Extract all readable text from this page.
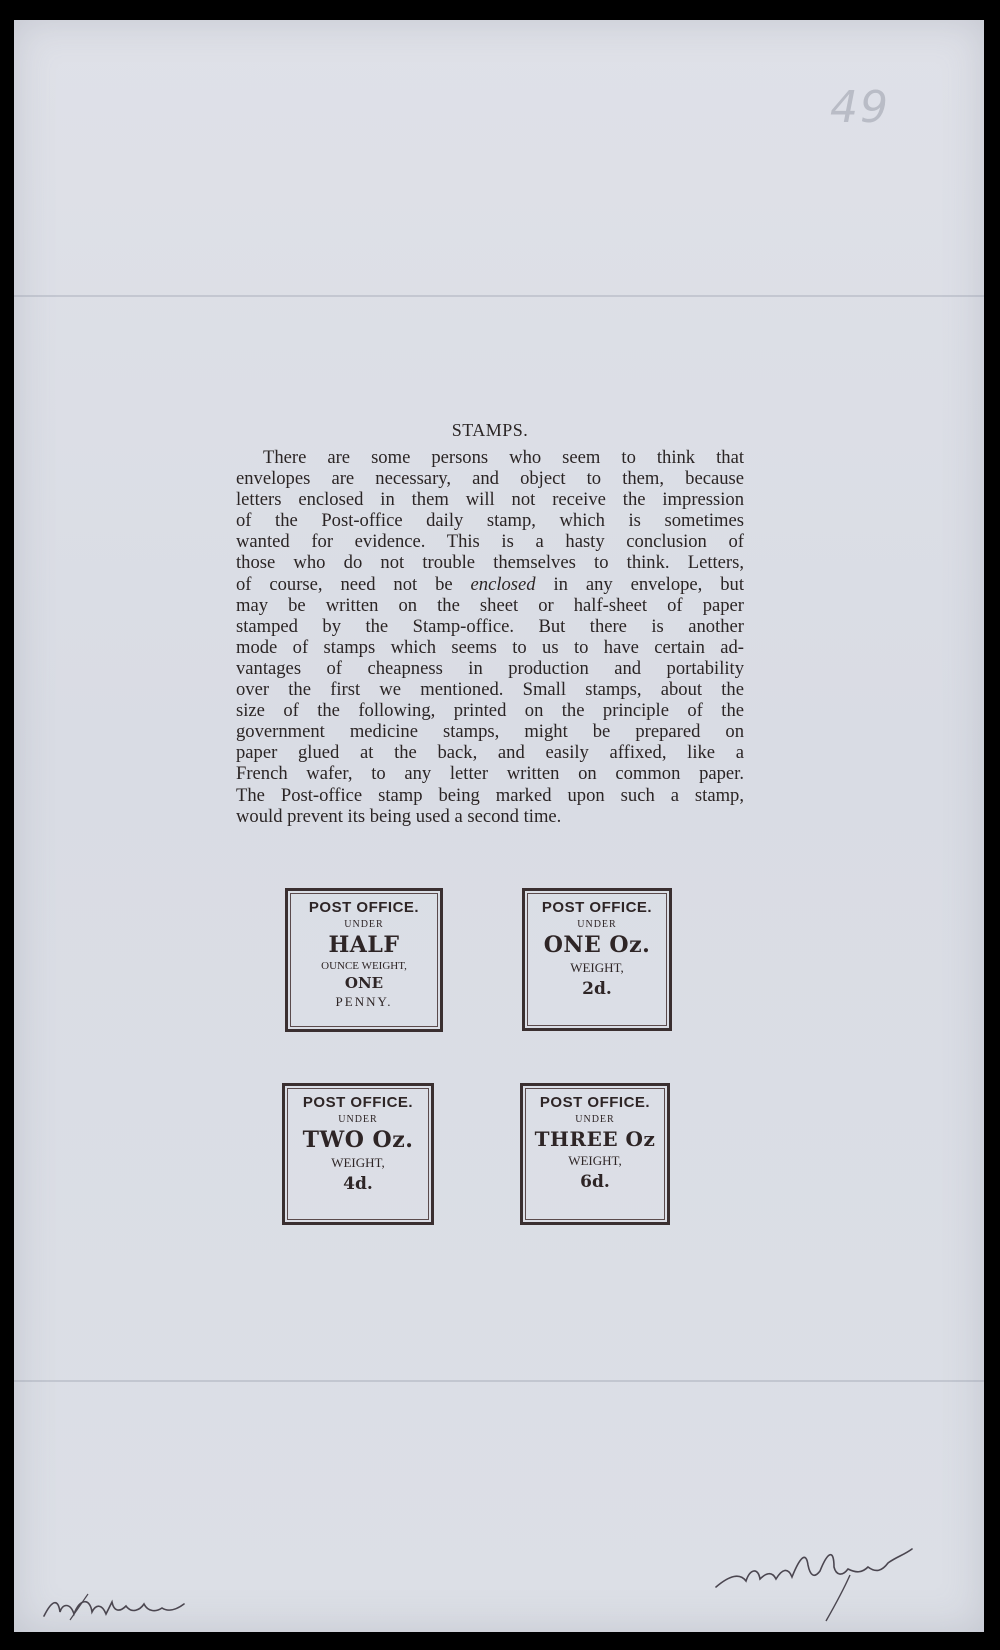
49
STAMPS.

There are some persons who seem to think that

envelopes are necessary, and object to them, because

letters enclosed in them will not receive the impression

of the Post-office daily stamp, which is sometimes

wanted for evidence. This is a hasty conclusion of

those who do not trouble themselves to think. Letters,

of course, need not be enclosed in any envelope, but

may be written on the sheet or half-sheet of paper

stamped by the Stamp-office. But there is another

mode of stamps which seems to us to have certain ad-

vantages of cheapness in production and portability

over the first we mentioned. Small stamps, about the

size of the following, printed on the principle of the

government medicine stamps, might be prepared on

paper glued at the back, and easily affixed, like a

French wafer, to any letter written on common paper.

The Post-office stamp being marked upon such a stamp,

would prevent its being used a second time.

POST OFFICE.
UNDER
HALF
OUNCE WEIGHT,
ONE
PENNY.
POST OFFICE.
UNDER
ONE Oz.
WEIGHT,
2d.
POST OFFICE.
UNDER
TWO Oz.
WEIGHT,
4d.
POST OFFICE.
UNDER
THREE Oz
WEIGHT,
6d.
